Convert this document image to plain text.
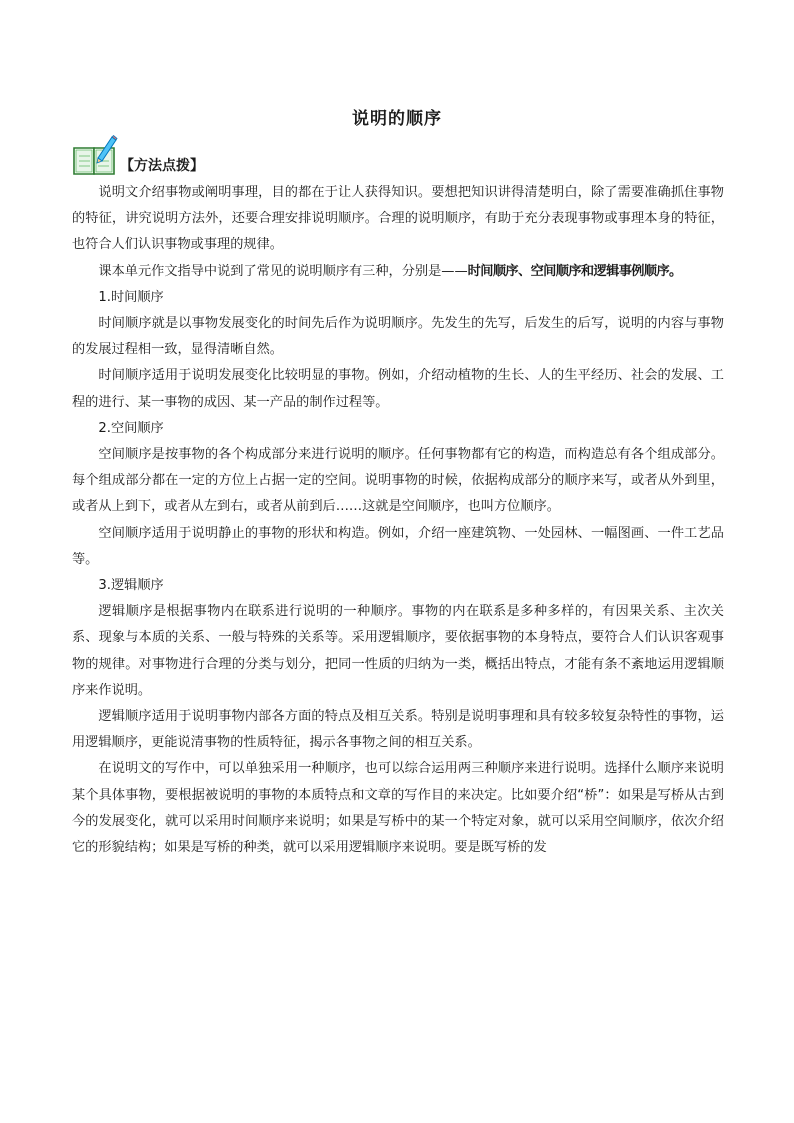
说明的顺序
【方法点拨】

说明文介绍事物或阐明事理，目的都在于让人获得知识。要想把知识讲得清楚明白，除了需要准确抓住事物的特征，讲究说明方法外，还要合理安排说明顺序。合理的说明顺序，有助于充分表现事物或事理本身的特征，也符合人们认识事物或事理的规律。

课本单元作文指导中说到了常见的说明顺序有三种，分别是——时间顺序、空间顺序和逻辑事例顺序。

1.时间顺序

时间顺序就是以事物发展变化的时间先后作为说明顺序。先发生的先写，后发生的后写，说明的内容与事物的发展过程相一致，显得清晰自然。

时间顺序适用于说明发展变化比较明显的事物。例如，介绍动植物的生长、人的生平经历、社会的发展、工程的进行、某一事物的成因、某一产品的制作过程等。

2.空间顺序

空间顺序是按事物的各个构成部分来进行说明的顺序。任何事物都有它的构造，而构造总有各个组成部分。每个组成部分都在一定的方位上占据一定的空间。说明事物的时候，依据构成部分的顺序来写，或者从外到里，或者从上到下，或者从左到右，或者从前到后……这就是空间顺序，也叫方位顺序。

空间顺序适用于说明静止的事物的形状和构造。例如，介绍一座建筑物、一处园林、一幅图画、一件工艺品等。

3.逻辑顺序

逻辑顺序是根据事物内在联系进行说明的一种顺序。事物的内在联系是多种多样的，有因果关系、主次关系、现象与本质的关系、一般与特殊的关系等。采用逻辑顺序，要依据事物的本身特点，要符合人们认识客观事物的规律。对事物进行合理的分类与划分，把同一性质的归纳为一类，概括出特点，才能有条不紊地运用逻辑顺序来作说明。

逻辑顺序适用于说明事物内部各方面的特点及相互关系。特别是说明事理和具有较多较复杂特性的事物，运用逻辑顺序，更能说清事物的性质特征，揭示各事物之间的相互关系。

在说明文的写作中，可以单独采用一种顺序，也可以综合运用两三种顺序来进行说明。选择什么顺序来说明某个具体事物，要根据被说明的事物的本质特点和文章的写作目的来决定。比如要介绍“桥”：如果是写桥从古到今的发展变化，就可以采用时间顺序来说明；如果是写桥中的某一个特定对象，就可以采用空间顺序，依次介绍它的形貌结构；如果是写桥的种类，就可以采用逻辑顺序来说明。要是既写桥的发
